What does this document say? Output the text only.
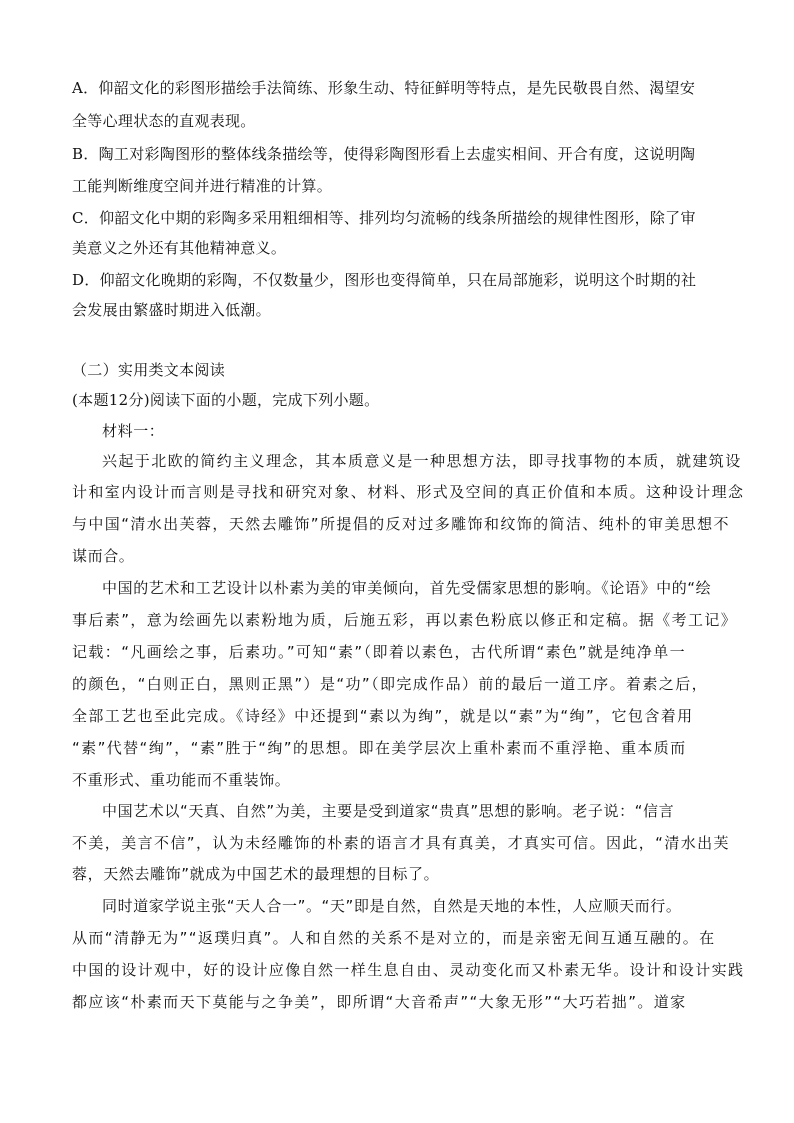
A．仰韶文化的彩图形描绘手法简练、形象生动、特征鲜明等特点，是先民敬畏自然、渴望安
全等心理状态的直观表现。
B．陶工对彩陶图形的整体线条描绘等，使得彩陶图形看上去虚实相间、开合有度，这说明陶
工能判断维度空间并进行精准的计算。
C．仰韶文化中期的彩陶多采用粗细相等、排列均匀流畅的线条所描绘的规律性图形，除了审
美意义之外还有其他精神意义。
D．仰韶文化晚期的彩陶，不仅数量少，图形也变得简单，只在局部施彩，说明这个时期的社
会发展由繁盛时期进入低潮。
（二）实用类文本阅读
(本题12分)阅读下面的小题，完成下列小题。
材料一：
兴起于北欧的简约主义理念，其本质意义是一种思想方法，即寻找事物的本质，就建筑设
计和室内设计而言则是寻找和研究对象、材料、形式及空间的真正价值和本质。这种设计理念
与中国“清水出芙蓉，天然去雕饰”所提倡的反对过多雕饰和纹饰的简洁、纯朴的审美思想不
谋而合。
中国的艺术和工艺设计以朴素为美的审美倾向，首先受儒家思想的影响。《论语》中的“绘
事后素”，意为绘画先以素粉地为质，后施五彩，再以素色粉底以修正和定稿。据《考工记》
记载：“凡画绘之事，后素功。”可知“素”（即着以素色，古代所谓“素色”就是纯净单一
的颜色，“白则正白，黑则正黑”）是“功”（即完成作品）前的最后一道工序。着素之后，
全部工艺也至此完成。《诗经》中还提到“素以为绚”，就是以“素”为“绚”，它包含着用
“素”代替“绚”，“素”胜于“绚”的思想。即在美学层次上重朴素而不重浮艳、重本质而
不重形式、重功能而不重装饰。
中国艺术以“天真、自然”为美，主要是受到道家“贵真”思想的影响。老子说：“信言
不美，美言不信”，认为未经雕饰的朴素的语言才具有真美，才真实可信。因此，“清水出芙
蓉，天然去雕饰”就成为中国艺术的最理想的目标了。
同时道家学说主张“天人合一”。“天”即是自然，自然是天地的本性，人应顺天而行。
从而“清静无为”“返璞归真”。人和自然的关系不是对立的，而是亲密无间互通互融的。在
中国的设计观中，好的设计应像自然一样生息自由、灵动变化而又朴素无华。设计和设计实践
都应该“朴素而天下莫能与之争美”，即所谓“大音希声”“大象无形”“大巧若拙”。道家
